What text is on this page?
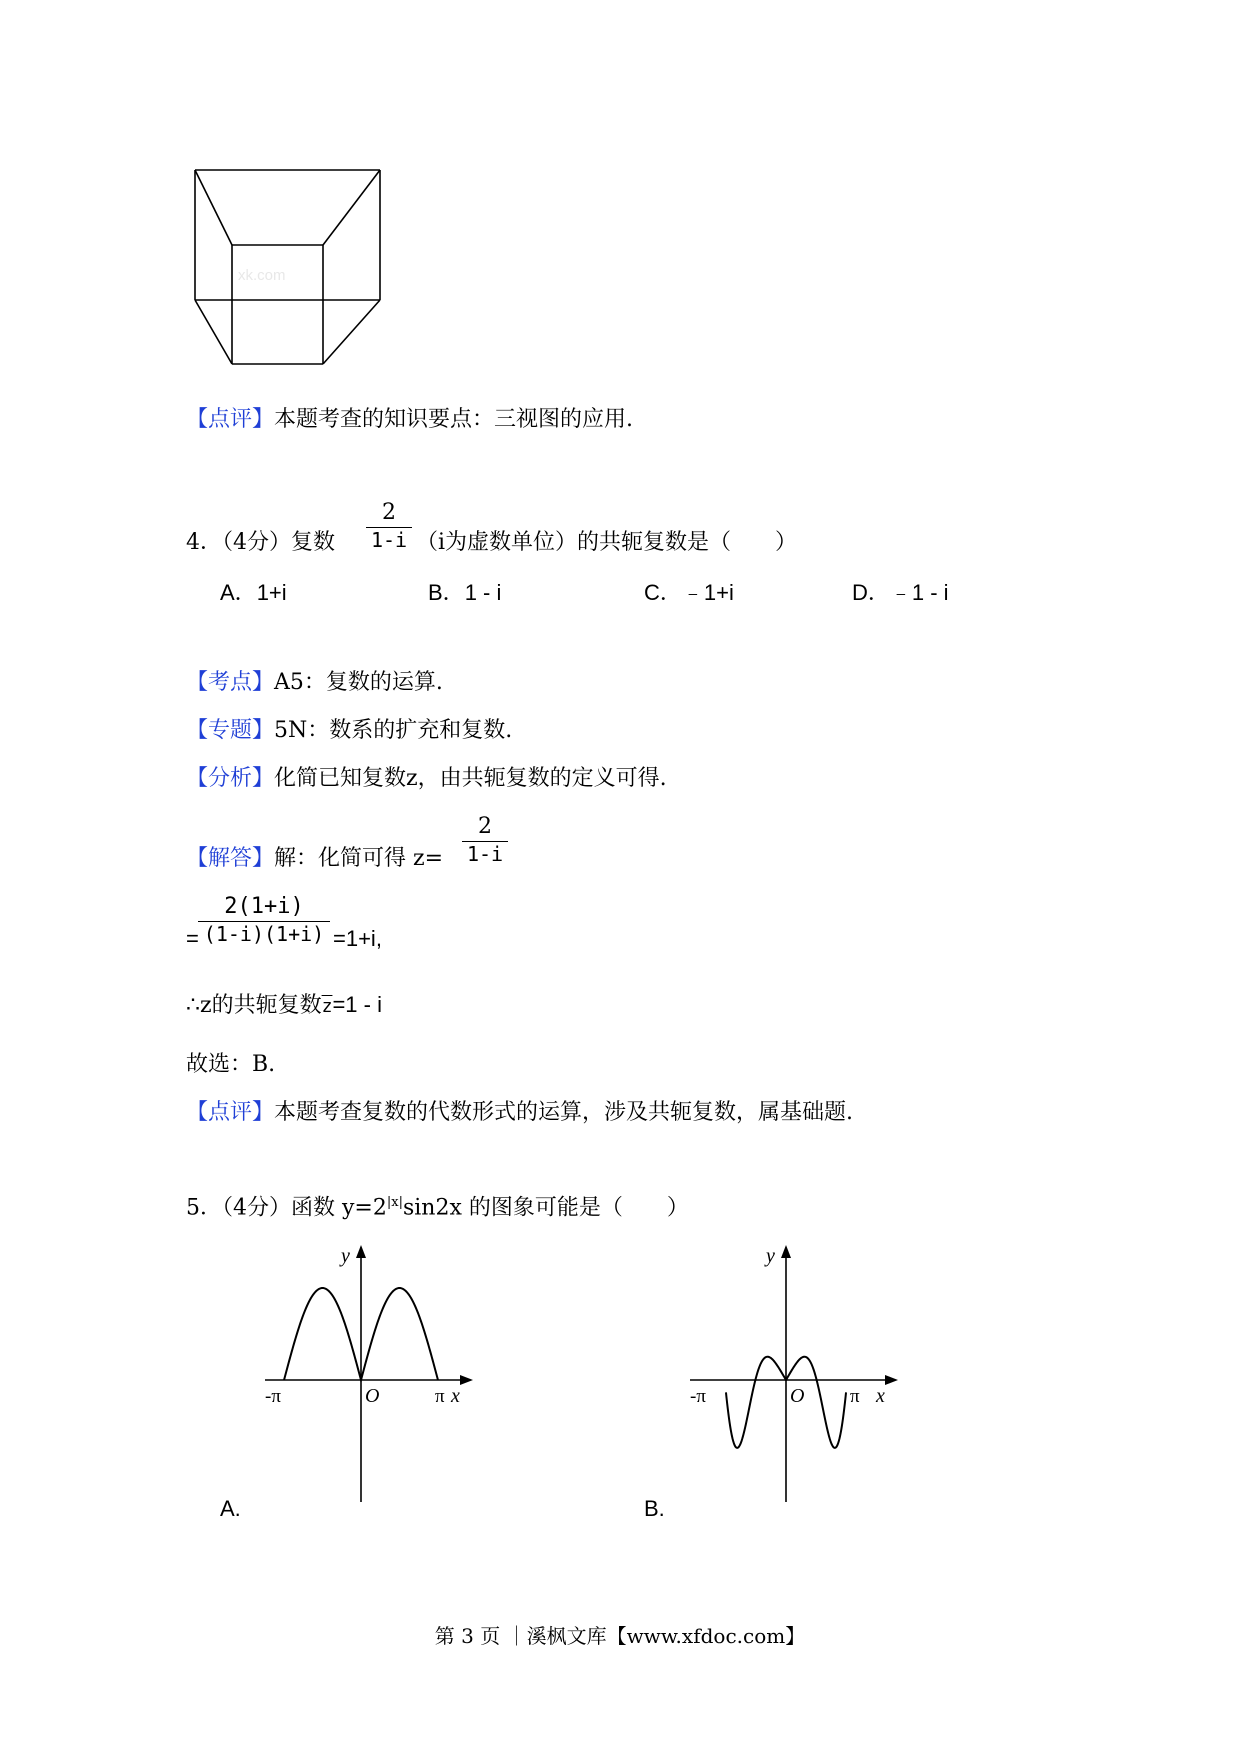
xk.com
【点评】本题考查的知识要点：三视图的应用.
4．（4分）复数
2
1-i （i为虚数单位）的共轭复数是（　　）
A．1+i	B．1 - i	C．﹣1+i	D．﹣1 - i
【考点】A5：复数的运算.
【专题】5N：数系的扩充和复数.
【分析】化简已知复数z，由共轭复数的定义可得.
【解答】解：化简可得 z=
2
1-i
=
2(1+i)
(1-i)(1+i) =1+i,
∴z的共轭复数$\overline{z}=1 - i$
故选：B.
【点评】本题考查复数的代数形式的运算，涉及共轭复数，属基础题.
5．（4分）函数 $y=2^{|x|}\sin 2x$ 的图象可能是（　　）
y
x
O
-π	π
A.
y
x
O
-π	π
B.
第 3 页 ｜溪枫文库【www.xfdoc.com】
